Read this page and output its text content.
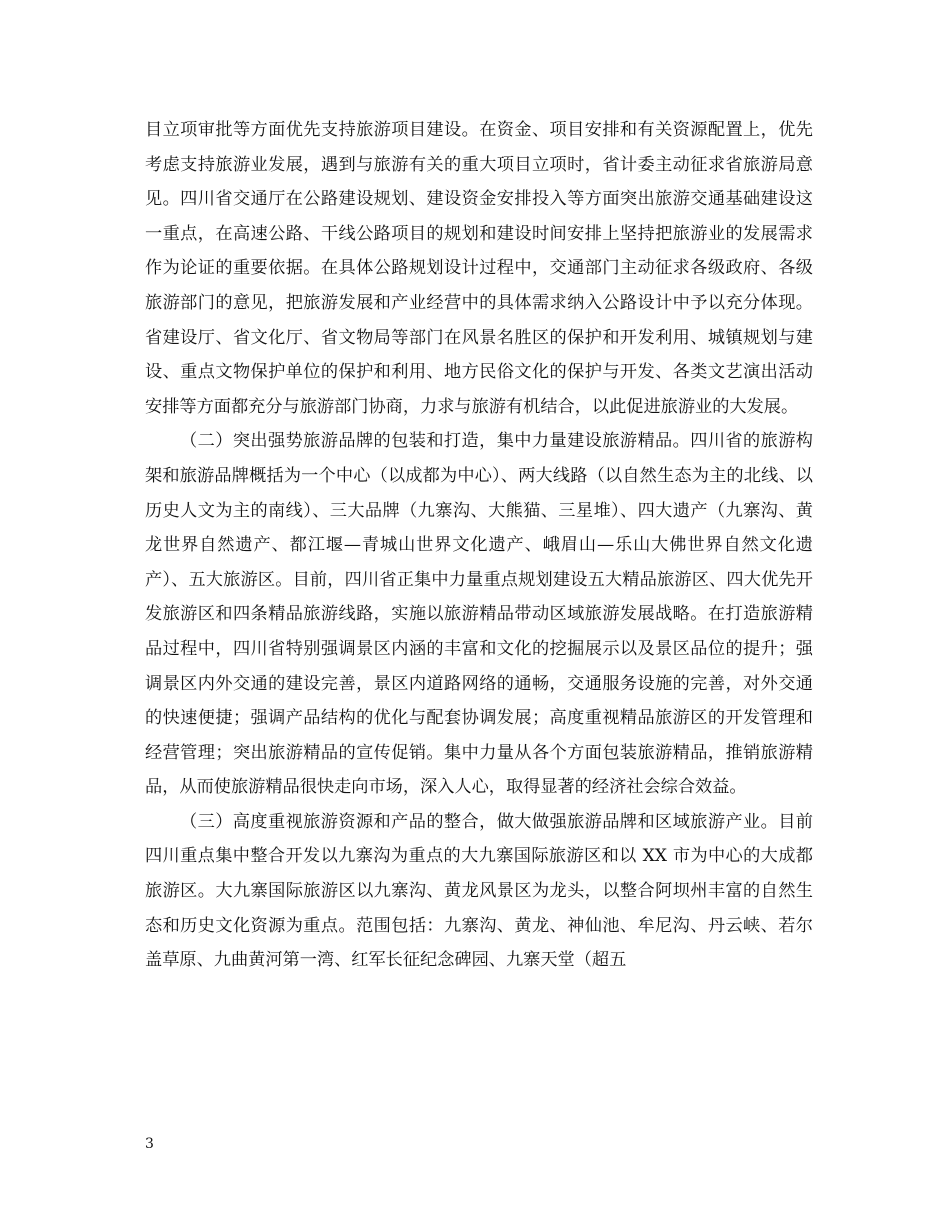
目立项审批等方面优先支持旅游项目建设。在资金、项目安排和有关资源配置上，优先考虑支持旅游业发展，遇到与旅游有关的重大项目立项时，省计委主动征求省旅游局意见。四川省交通厅在公路建设规划、建设资金安排投入等方面突出旅游交通基础建设这一重点，在高速公路、干线公路项目的规划和建设时间安排上坚持把旅游业的发展需求作为论证的重要依据。在具体公路规划设计过程中，交通部门主动征求各级政府、各级旅游部门的意见，把旅游发展和产业经营中的具体需求纳入公路设计中予以充分体现。省建设厅、省文化厅、省文物局等部门在风景名胜区的保护和开发利用、城镇规划与建设、重点文物保护单位的保护和利用、地方民俗文化的保护与开发、各类文艺演出活动安排等方面都充分与旅游部门协商，力求与旅游有机结合，以此促进旅游业的大发展。

（二）突出强势旅游品牌的包装和打造，集中力量建设旅游精品。四川省的旅游构架和旅游品牌概括为一个中心（以成都为中心）、两大线路（以自然生态为主的北线、以历史人文为主的南线）、三大品牌（九寨沟、大熊猫、三星堆）、四大遗产（九寨沟、黄龙世界自然遗产、都江堰—青城山世界文化遗产、峨眉山—乐山大佛世界自然文化遗产）、五大旅游区。目前，四川省正集中力量重点规划建设五大精品旅游区、四大优先开发旅游区和四条精品旅游线路，实施以旅游精品带动区域旅游发展战略。在打造旅游精品过程中，四川省特别强调景区内涵的丰富和文化的挖掘展示以及景区品位的提升；强调景区内外交通的建设完善，景区内道路网络的通畅，交通服务设施的完善，对外交通的快速便捷；强调产品结构的优化与配套协调发展；高度重视精品旅游区的开发管理和经营管理；突出旅游精品的宣传促销。集中力量从各个方面包装旅游精品，推销旅游精品，从而使旅游精品很快走向市场，深入人心，取得显著的经济社会综合效益。

（三）高度重视旅游资源和产品的整合，做大做强旅游品牌和区域旅游产业。目前四川重点集中整合开发以九寨沟为重点的大九寨国际旅游区和以 XX 市为中心的大成都旅游区。大九寨国际旅游区以九寨沟、黄龙风景区为龙头，以整合阿坝州丰富的自然生态和历史文化资源为重点。范围包括：九寨沟、黄龙、神仙池、牟尼沟、丹云峡、若尔盖草原、九曲黄河第一湾、红军长征纪念碑园、九寨天堂（超五

3
